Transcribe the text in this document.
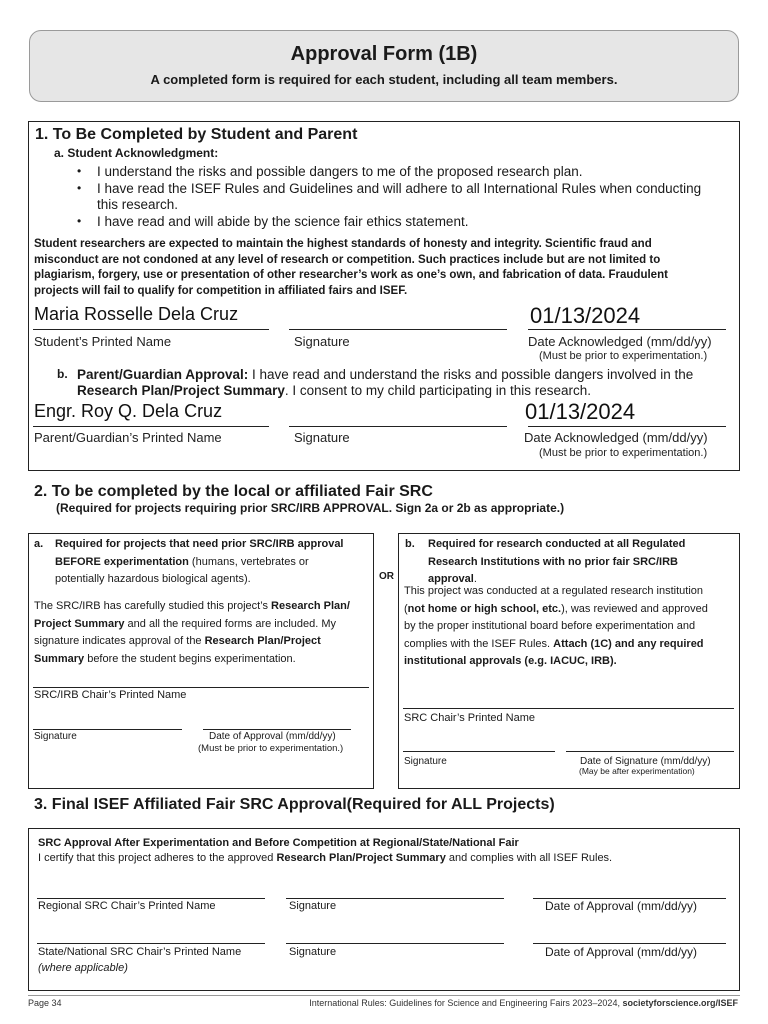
Approval Form (1B)
A completed form is required for each student, including all team members.
1. To Be Completed by Student and Parent
a. Student Acknowledgment:
• I understand the risks and possible dangers to me of the proposed research plan.
• I have read the ISEF Rules and Guidelines and will adhere to all International Rules when conducting
this research.
• I have read and will abide by the science fair ethics statement.
Student researchers are expected to maintain the highest standards of honesty and integrity. Scientific fraud and
misconduct are not condoned at any level of research or competition. Such practices include but are not limited to
plagiarism, forgery, use or presentation of other researcher’s work as one’s own, and fabrication of data. Fraudulent
projects will fail to qualify for competition in affiliated fairs and ISEF.
Maria Rosselle Dela Cruz	01/13/2024
Student’s Printed Name	Signature	Date Acknowledged (mm/dd/yy)
(Must be prior to experimentation.)
b. Parent/Guardian Approval: I have read and understand the risks and possible dangers involved in the
Research Plan/Project Summary. I consent to my child participating in this research.
Engr. Roy Q. Dela Cruz	01/13/2024
Parent/Guardian’s Printed Name	Signature	Date Acknowledged (mm/dd/yy)
(Must be prior to experimentation.)
2. To be completed by the local or affiliated Fair SRC
(Required for projects requiring prior SRC/IRB APPROVAL. Sign 2a or 2b as appropriate.)
a. Required for projects that need prior SRC/IRB approval
BEFORE experimentation (humans, vertebrates or
potentially hazardous biological agents).
The SRC/IRB has carefully studied this project’s Research Plan/
Project Summary and all the required forms are included. My
signature indicates approval of the Research Plan/Project
Summary before the student begins experimentation.
SRC/IRB Chair’s Printed Name
Signature	Date of Approval (mm/dd/yy)
(Must be prior to experimentation.)
OR
b. Required for research conducted at all Regulated
Research Institutions with no prior fair SRC/IRB
approval.
This project was conducted at a regulated research institution
(not home or high school, etc.), was reviewed and approved
by the proper institutional board before experimentation and
complies with the ISEF Rules. Attach (1C) and any required
institutional approvals (e.g. IACUC, IRB).
SRC Chair’s Printed Name
Signature	Date of Signature (mm/dd/yy)
(May be after experimentation)
3. Final ISEF Affiliated Fair SRC Approval(Required for ALL Projects)
SRC Approval After Experimentation and Before Competition at Regional/State/National Fair
I certify that this project adheres to the approved Research Plan/Project Summary and complies with all ISEF Rules.
Regional SRC Chair’s Printed Name	Signature	Date of Approval (mm/dd/yy)
State/National SRC Chair’s Printed Name
(where applicable)
Signature	Date of Approval (mm/dd/yy)
Page 34	International Rules: Guidelines for Science and Engineering Fairs 2023–2024, societyforscience.org/ISEF
